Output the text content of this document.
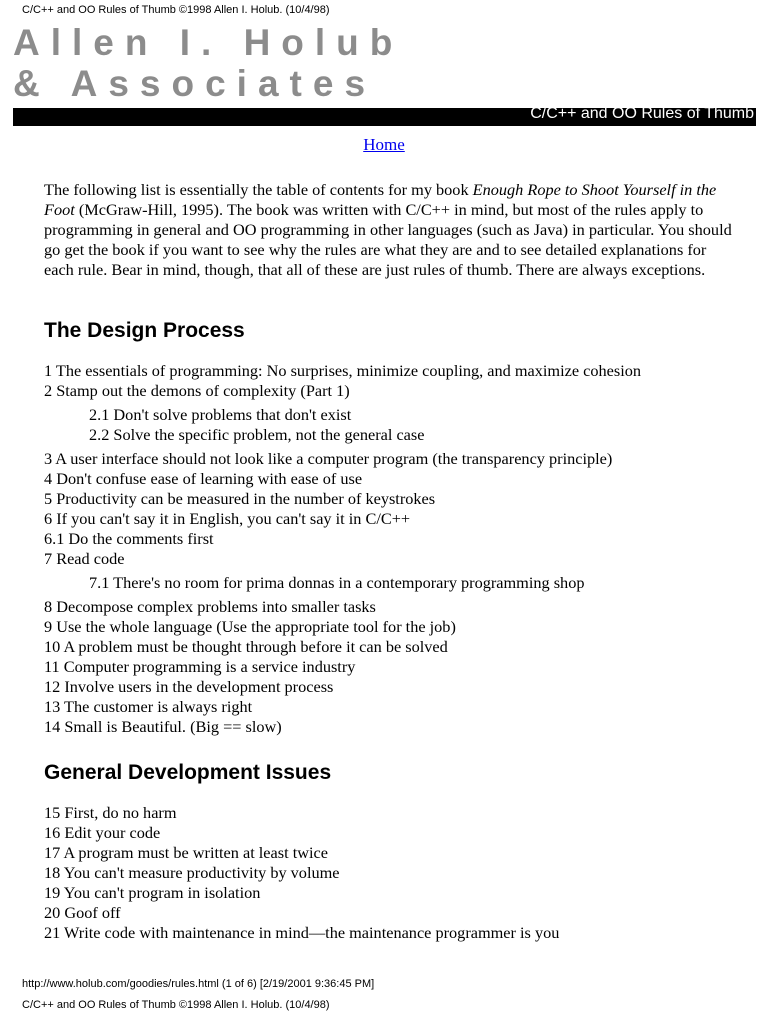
C/C++ and OO Rules of Thumb ©1998 Allen I. Holub. (10/4/98)
Allen I. Holub
& Associates
C/C++ and OO Rules of Thumb
Home

The following list is essentially the table of contents for my book Enough Rope to Shoot Yourself in the Foot (McGraw-Hill, 1995). The book was written with C/C++ in mind, but most of the rules apply to programming in general and OO programming in other languages (such as Java) in particular. You should go get the book if you want to see why the rules are what they are and to see detailed explanations for each rule. Bear in mind, though, that all of these are just rules of thumb. There are always exceptions.

The Design Process
1 The essentials of programming: No surprises, minimize coupling, and maximize cohesion
2 Stamp out the demons of complexity (Part 1)
2.1 Don't solve problems that don't exist
2.2 Solve the specific problem, not the general case
3 A user interface should not look like a computer program (the transparency principle)
4 Don't confuse ease of learning with ease of use
5 Productivity can be measured in the number of keystrokes
6 If you can't say it in English, you can't say it in C/C++
6.1 Do the comments first
7 Read code
7.1 There's no room for prima donnas in a contemporary programming shop
8 Decompose complex problems into smaller tasks
9 Use the whole language (Use the appropriate tool for the job)
10 A problem must be thought through before it can be solved
11 Computer programming is a service industry
12 Involve users in the development process
13 The customer is always right
14 Small is Beautiful. (Big == slow)
General Development Issues
15 First, do no harm
16 Edit your code
17 A program must be written at least twice
18 You can't measure productivity by volume
19 You can't program in isolation
20 Goof off
21 Write code with maintenance in mind—the maintenance programmer is you
http://www.holub.com/goodies/rules.html (1 of 6) [2/19/2001 9:36:45 PM]
C/C++ and OO Rules of Thumb ©1998 Allen I. Holub. (10/4/98)
